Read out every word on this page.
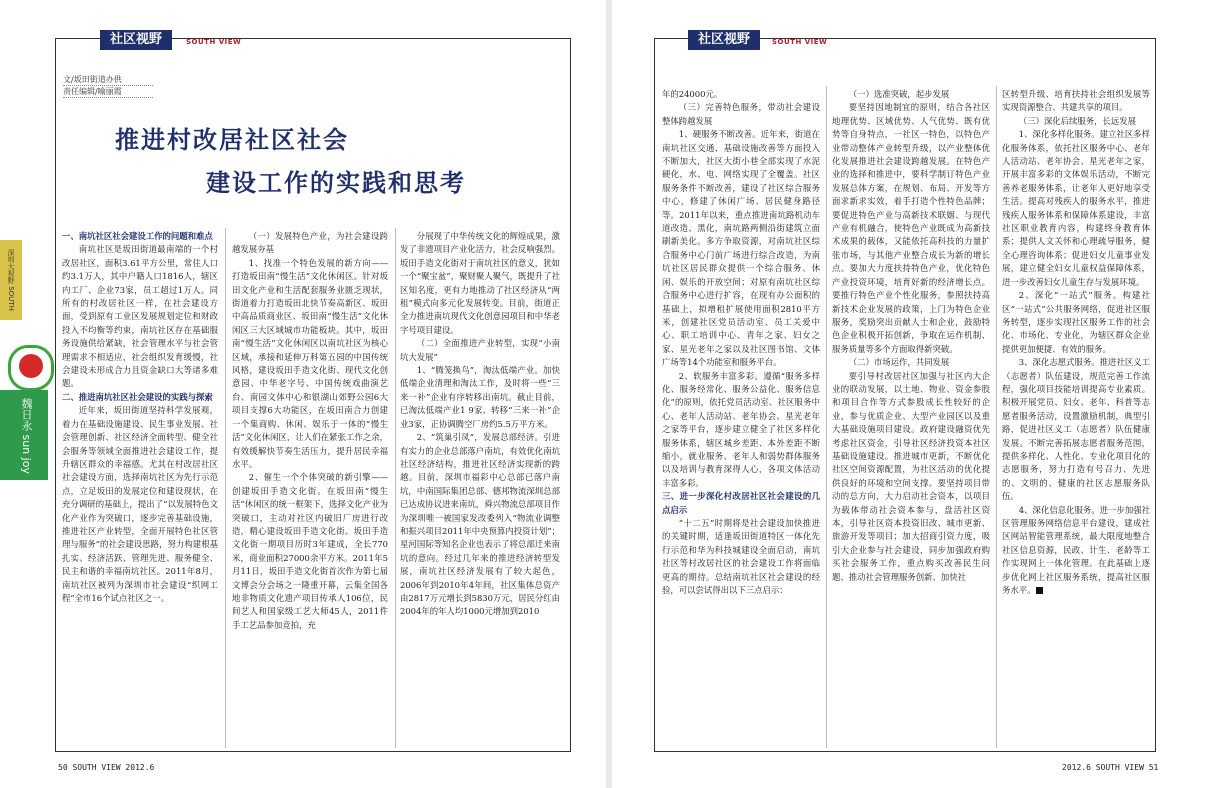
社区视野	SOUTH VIEW
文/坂田街道办供
责任编辑/喻丽霞
推进村改居社区社会
建设工作的实践和思考
深圳大视野 SOUTH
魏日永 sun joy

一、南坑社区社会建设工作的问题和难点

南坑社区是坂田街道最南端的一个村改居社区，面积3.61平方公里，常住人口约3.1万人，其中户籍人口1816人，辖区内工厂、企业73家，员工超过1万人。同所有的村改居社区一样，在社会建设方面，受到原有工业区发展规划定位和财政投入不均衡等约束，南坑社区存在基础服务设施供给紧缺，社会管理水平与社会管理需求不相适应，社会组织发育缓慢，社会建设未形成合力且资金缺口大等诸多难题。

二、推进南坑社区社会建设的实践与探索

近年来，坂田街道坚持科学发展观，着力在基础设施建设、民生事业发展、社会管理创新、社区经济全面转型、健全社会服务等领域全面推进社会建设工作，提升辖区群众的幸福感。尤其在村改居社区社会建设方面，选择南坑社区为先行示范点，立足坂田的发展定位和建设现状，在充分调研的基础上，提出了“以发展特色文化产业作为突破口，逐步完善基础设施，推进社区产业转型，全面开展特色社区管理与服务”的社会建设思路，努力构建根基扎实、经济活跃、管理先进、服务健全、民主和谐的幸福南坑社区。2011年8月，南坑社区被列为深圳市社会建设“织网工程”全市16个试点社区之一。

（一）发展特色产业，为社会建设跨越发展夯基

1、找准一个特色发展的新方向——打造坂田南“慢生活”文化休闲区。针对坂田文化产业和生活配套服务业匮乏现状，街道着力打造坂田北快节奏高新区、坂田中高品质商业区、坂田南“慢生活”文化休闲区三大区域城市功能板块。其中，坂田南“慢生活”文化休闲区以南坑社区为核心区域，承接和延伸万科第五园的中国传统风格，建设坂田手造文化街、现代文化创意园、中华老字号、中国传统戏曲演艺台、南园文体中心和银湖山郊野公园6大项目支撑6大功能区，在坂田南合力创建一个集商购、休闲、娱乐于一体的“慢生活”文化休闲区，让人们在紧张工作之余，有效缓解快节奏生活压力，提升居民幸福水平。

2、催生一个个体突破的新引擎——创建坂田手造文化街。在坂田南“慢生活”休闲区的统一框架下，选择文化产业为突破口，主动对社区内破旧厂房进行改造，精心建设坂田手造文化街。坂田手造文化街一期项目历时3年建成，全长770米，商业面积27000余平方米。2011年5月11日，坂田手造文化街首次作为第七届文博会分会场之一隆重开幕，云集全国各地非物质文化遗产项目传承人106位，民间艺人和国家级工艺大师45人，2011件手工艺品参加竞拍，充

分展现了中华传统文化的辉煌成果，激发了非遗项目产业化活力，社会反响强烈。坂田手造文化街对于南坑社区的意义，犹如一个“聚宝盆”，聚财聚人聚气，既提升了社区知名度，更有力地推动了社区经济从“两租”模式向多元化发展转变。目前，街道正全力推进南坑现代文化创意园项目和中华老字号项目建设。

（二）全面推进产业转型，实现“小南坑大发展”

1、“腾笼换鸟”，淘汰低端产业。加快低端企业清理和淘汰工作，及时将一些“三来一补”企业有序转移出南坑。截止目前，已淘汰低端产业1 9家、转移“三来一补”企业3家，正协调腾空厂房约5.5万平方米。

2、“筑巢引凤”，发展总部经济。引进有实力的企业总部落户南坑，有效优化南坑社区经济结构，推进社区经济实现新的跨越。目前，深圳市福彩中心总部已落户南坑，中南国际集团总部、德邦物流深圳总部已达成协议进来南坑，舜兴物流总部项目作为深圳唯一被国家发改委列入“物流业调整和振兴项目2011年中央预算内投资计划”；星河国际等知名企业也表示了将总部迁来南坑的意向。经过几年来的推进经济转型发展，南坑社区经济发展有了较大起色，2006年到2010年4年间，社区集体总资产由2817万元增长到5830万元，居民分红由2004年的年人均1000元增加到2010

50 SOUTH VIEW 2012.6
社区视野	SOUTH VIEW

年的24000元。

（三）完善特色服务，带动社会建设整体跨越发展

1、硬服务不断改善。近年来，街道在南坑社区交通、基础设施改善等方面投入不断加大，社区大街小巷全部实现了水泥硬化，水、电、网络实现了全覆盖。社区服务条件不断改善，建设了社区综合服务中心，修建了休闲广场、居民健身路径等。2011年以来，重点推进南坑路机动车道改造、黑化，南坑路两侧沿街建筑立面刷新美化。多方争取资源，对南坑社区综合服务中心门前广场进行综合改造，为南坑社区居民群众提供一个综合服务、休闲、娱乐的开放空间；对原有南坑社区综合服务中心进行扩容，在现有办公面积的基础上，拟增租扩展使用面积2810平方米，创建社区党员活动室、员工关爱中心、职工培训中心、青年之家、妇女之家、星光老年之家以及社区图书馆、文体广场等14个功能室和服务平台。

2、软服务丰富多彩。遵循“服务多样化、服务经常化、服务公益化、服务信息化”的原则，依托党员活动室、社区服务中心、老年人活动站、老年协会、星光老年之家等平台，逐步建立健全了社区多样化服务体系，辖区城乡差距、本外差距不断缩小，就业服务、老年人和弱势群体服务以及培训与教育深得人心，各项文体活动丰富多彩。

三、进一步深化村改居社区社会建设的几点启示

“十二五”时期将是社会建设加快推进的关键时期，适逢坂田街道特区一体化先行示范和华为科技城建设全面启动，南坑社区等村改居社区的社会建设工作将面临更高的期待。总结南坑社区社会建设的经验，可以尝试得出以下三点启示：

（一）选准突破，起步发展

要坚持因地制宜的原则，结合各社区地理优势、区域优势、人气优势、既有优势等自身特点，一社区一特色，以特色产业带动整体产业转型升级，以产业整体优化发展推进社会建设跨越发展。在特色产业的选择和推进中，要科学制订特色产业发展总体方案，在规划、布局、开发等方面求新求实效，着手打造个性特色品牌；要促进特色产业与高新技术联姻、与现代产业有机融合，使特色产业既成为高新技术成果的载体，又能依托高科技的力量扩张市场，与其他产业整合成长为新的增长点。要加大力度扶持特色产业，优化特色产业投资环境，培育好新的经济增长点。要推行特色产业个性化服务，参照扶持高新技术企业发展的政策，上门为特色企业服务，奖励突出贡献人士和企业，鼓励特色企业积极开拓创新，争取在运作机制、服务质量等多个方面取得新突破。

（二）市场运作，共同发展

要引导村改居社区加强与社区内大企业的联动发展，以土地、物业、资金参股和项目合作等方式参股成长性较好的企业，参与优质企业、大型产业园区以及重大基础设施项目建设。政府建设融资优先考虑社区资金，引导社区经济投资本社区基础设施建设。推进城市更新，不断优化社区空间资源配置，为社区活动的优化提供良好的环境和空间支撑。要坚持项目带动的总方向，大力启动社会资本，以项目为载体带动社会资本参与，盘活社区资本，引导社区资本投资旧改、城市更新、旅游开发等项目；加大招商引资力度，吸引大企业参与社会建设，同步加强政府购买社会服务工作，重点购买改善民生问题、推动社会管理服务创新、加快社

区转型升级、培育扶持社会组织发展等实现资源整合、共建共享的项目。

（三）深化后续服务，长远发展

1、深化多样化服务。建立社区多样化服务体系，依托社区服务中心、老年人活动站、老年协会、星光老年之家，开展丰富多彩的文体娱乐活动，不断完善养老服务体系，让老年人更好地享受生活。提高对残疾人的服务水平，推进残疾人服务体系和保障体系建设，丰富社区职业教育内容，构建终身教育体系；提供人文关怀和心理疏导服务，健全心理咨询体系；促进妇女儿童事业发展，建立健全妇女儿童权益保障体系，进一步改善妇女儿童生存与发展环境。

2、深化“一站式”服务。构建社区“一站式”公共服务网络，促进社区服务转型，逐步实现社区服务工作的社会化、市场化、专业化，为辖区群众企业提供更加便捷、有效的服务。

3、深化志愿式服务。推进社区义工（志愿者）队伍建设，规范完善工作流程，强化项目技能培训提高专业素质。积极开展党员、妇女、老年、科普等志愿者服务活动，设置激励机制，典型引路，促进社区义工（志愿者）队伍健康发展。不断完善拓展志愿者服务范围，提供多样化、人性化、专业化项目化的志愿服务，努力打造有号召力、先进的、文明的、健康的社区志愿服务队伍。

4、深化信息化服务。进一步加强社区管理服务网络信息平台建设，建成社区网站智能管理系统，最大限度地整合社区信息资源，民政、计生、老龄等工作实现网上一体化管理。在此基础上逐步优化网上社区服务系统，提高社区服务水平。

2012.6 SOUTH VIEW 51
